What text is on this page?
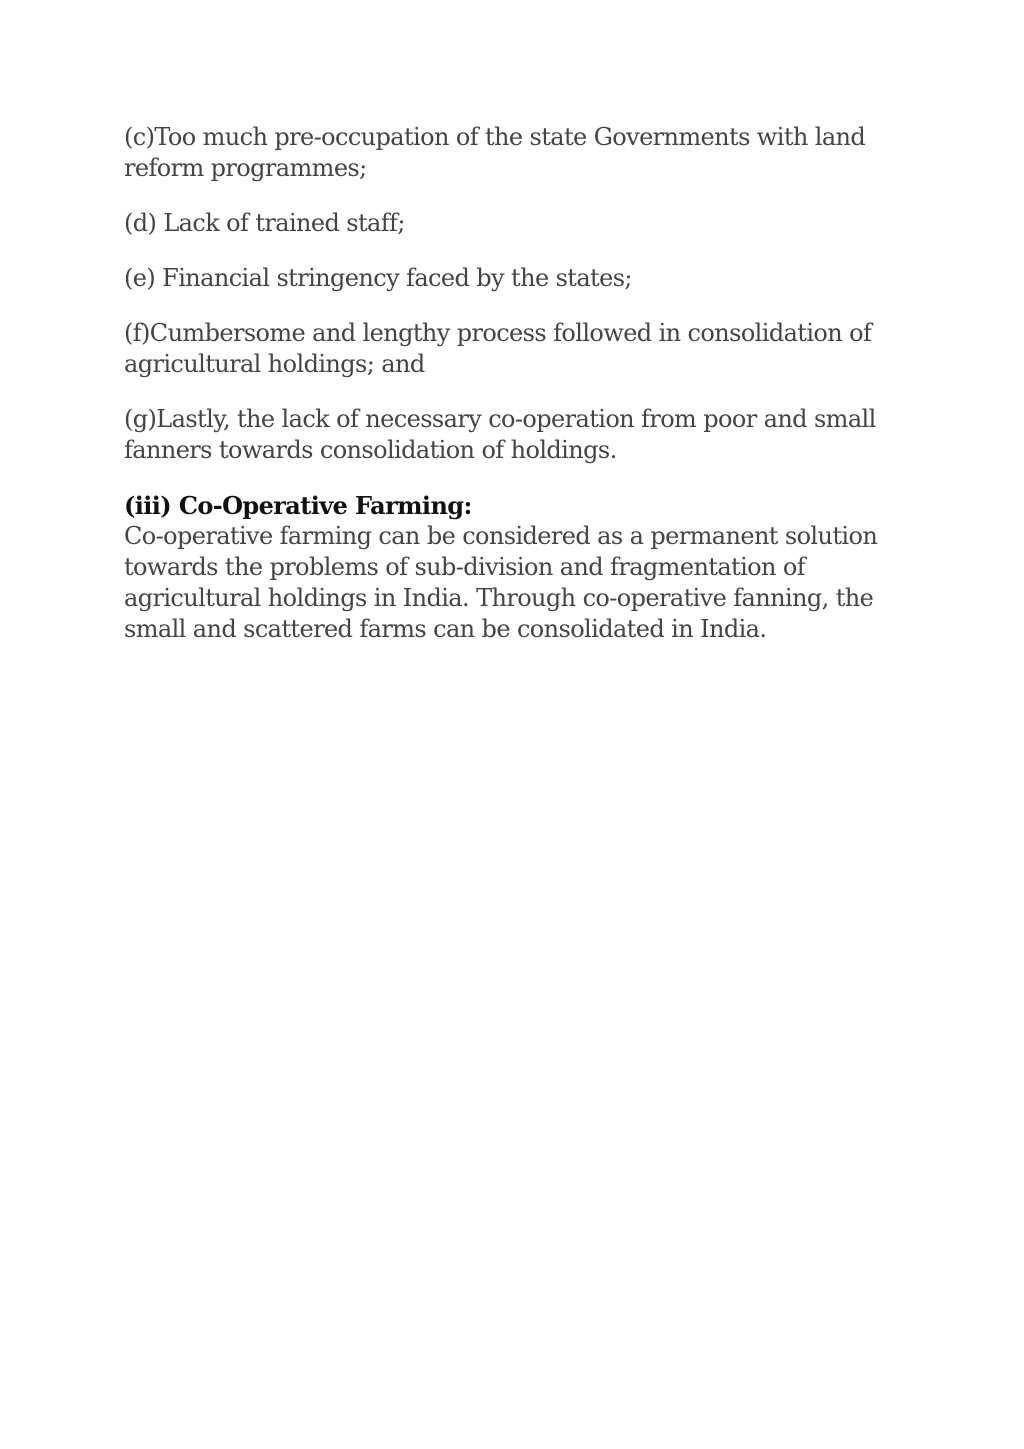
(c)Too much pre-occupation of the state Governments with land reform programmes;

(d) Lack of trained staff;

(e) Financial stringency faced by the states;

(f)Cumbersome and lengthy process followed in consolidation of agricultural holdings; and

(g)Lastly, the lack of necessary co-operation from poor and small fanners towards consolidation of holdings.

(iii) Co-Operative Farming:

Co-operative farming can be considered as a permanent solution towards the problems of sub-division and fragmentation of agricultural holdings in India. Through co-operative fanning, the small and scattered farms can be consolidated in India.
